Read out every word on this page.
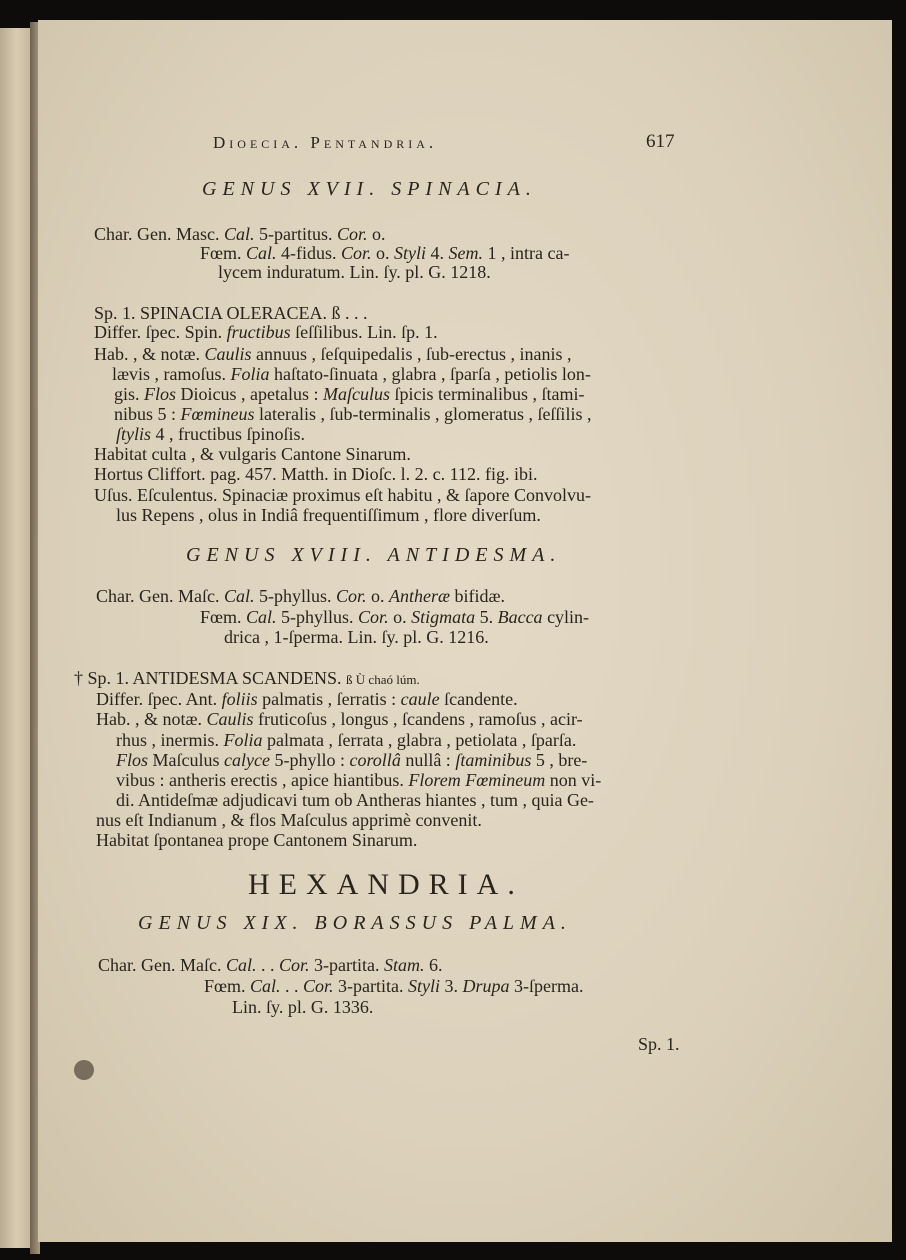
Dioecia. Pentandria.	617
GENUS XVII. SPINACIA.
Char. Gen. Masc. Cal. 5-partitus. Cor. o.
Fœm. Cal. 4-fidus. Cor. o. Styli 4. Sem. 1 , intra ca-
lycem induratum. Lin. ſy. pl. G. 1218.
Sp. 1. SPINACIA OLERACEA. ß . . .
Differ. ſpec. Spin. fructibus ſeſſilibus. Lin. ſp. 1.
Hab. , & notæ. Caulis annuus , ſeſquipedalis , ſub-erectus , inanis ,
lævis , ramoſus. Folia haſtato-ſinuata , glabra , ſparſa , petiolis lon-
gis. Flos Dioicus , apetalus : Maſculus ſpicis terminalibus , ſtami-
nibus 5 : Fœmineus lateralis , ſub-terminalis , glomeratus , ſeſſilis ,
ſtylis 4 , fructibus ſpinoſis.
Habitat culta , & vulgaris Cantone Sinarum.
Hortus Cliffort. pag. 457. Matth. in Dioſc. l. 2. c. 112. fig. ibi.
Uſus. Eſculentus. Spinaciæ proximus eſt habitu , & ſapore Convolvu-
lus Repens , olus in Indiâ frequentiſſimum , flore diverſum.
GENUS XVIII. ANTIDESMA.
Char. Gen. Maſc. Cal. 5-phyllus. Cor. o. Antheræ bifidæ.
Fœm. Cal. 5-phyllus. Cor. o. Stigmata 5. Bacca cylin-
drica , 1-ſperma. Lin. ſy. pl. G. 1216.
† Sp. 1. ANTIDESMA SCANDENS. ß Ù chaó lúm.
Differ. ſpec. Ant. foliis palmatis , ſerratis : caule ſcandente.
Hab. , & notæ. Caulis fruticoſus , longus , ſcandens , ramoſus , acir-
rhus , inermis. Folia palmata , ſerrata , glabra , petiolata , ſparſa.
Flos Maſculus calyce 5-phyllo : corollâ nullâ : ſtaminibus 5 , bre-
vibus : antheris erectis , apice hiantibus. Florem Fœmineum non vi-
di. Antideſmæ adjudicavi tum ob Antheras hiantes , tum , quia Ge-
nus eſt Indianum , & flos Maſculus apprimè convenit.
Habitat ſpontanea prope Cantonem Sinarum.
HEXANDRIA.
GENUS XIX. BORASSUS PALMA.
Char. Gen. Maſc. Cal. . . Cor. 3-partita. Stam. 6.
Fœm. Cal. . . Cor. 3-partita. Styli 3. Drupa 3-ſperma.
Lin. ſy. pl. G. 1336.
Sp. 1.
